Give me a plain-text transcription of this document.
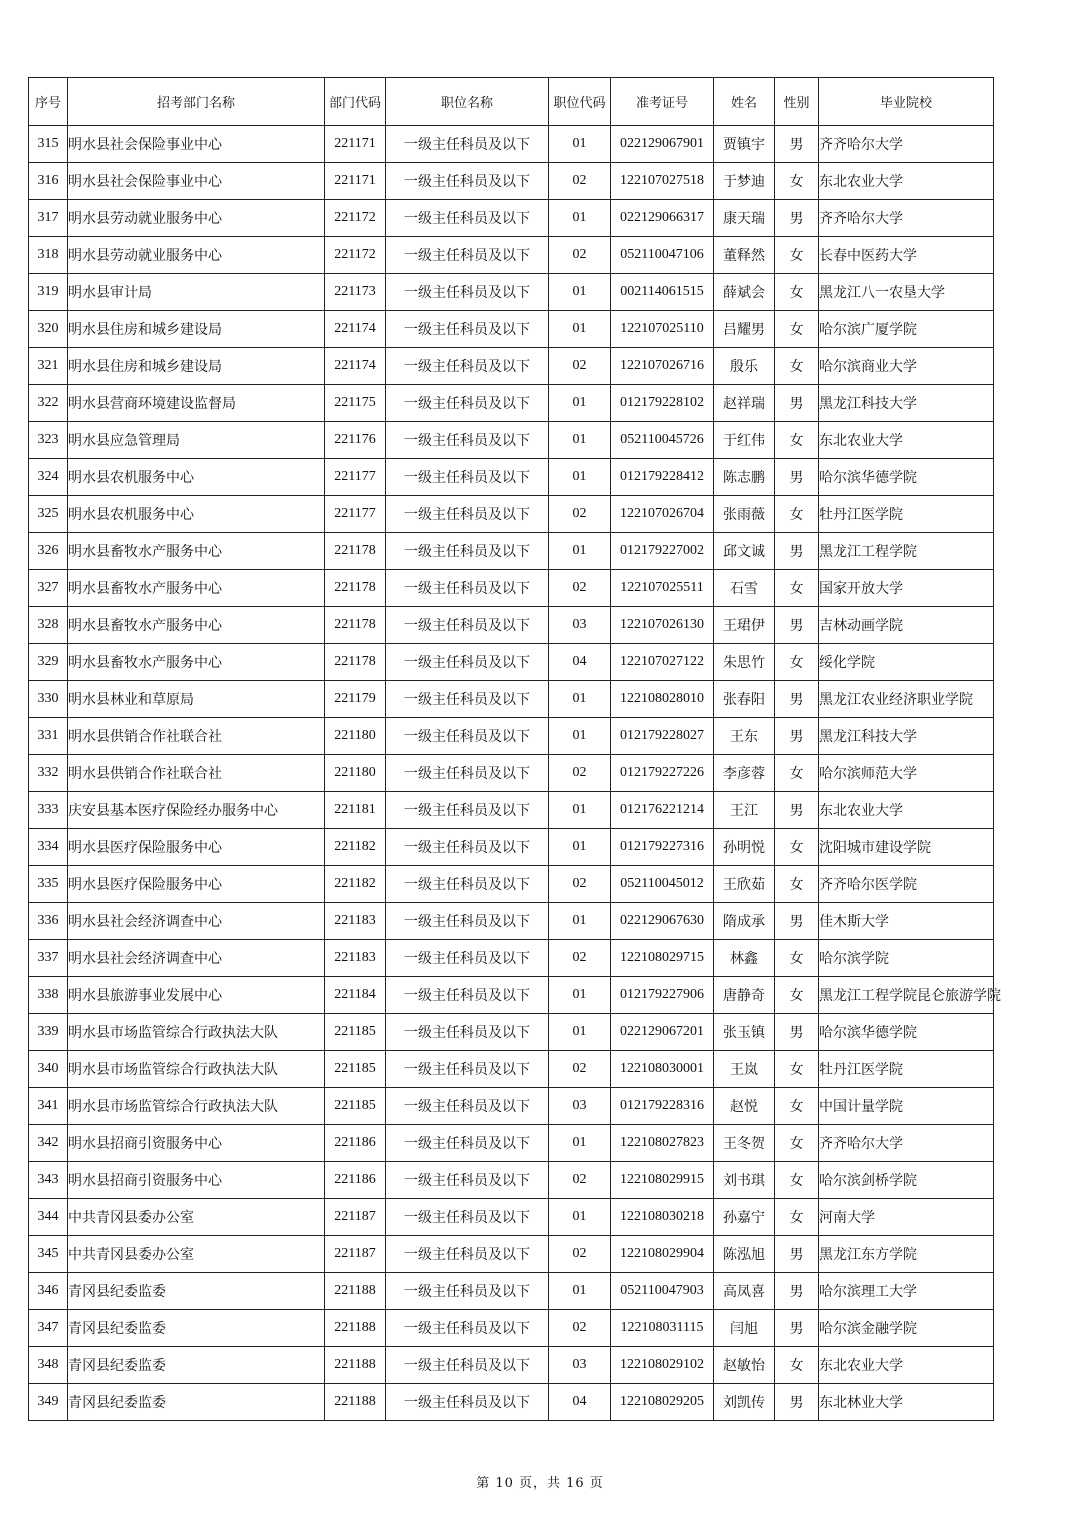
序号	招考部门名称	部门代码	职位名称	职位代码	准考证号	姓名	性别	毕业院校
315	明水县社会保险事业中心	221171	一级主任科员及以下	01	022129067901	贾镇宇	男	齐齐哈尔大学
316	明水县社会保险事业中心	221171	一级主任科员及以下	02	122107027518	于梦迪	女	东北农业大学
317	明水县劳动就业服务中心	221172	一级主任科员及以下	01	022129066317	康天瑞	男	齐齐哈尔大学
318	明水县劳动就业服务中心	221172	一级主任科员及以下	02	052110047106	董释然	女	长春中医药大学
319	明水县审计局	221173	一级主任科员及以下	01	002114061515	薛斌会	女	黑龙江八一农垦大学
320	明水县住房和城乡建设局	221174	一级主任科员及以下	01	122107025110	吕耀男	女	哈尔滨广厦学院
321	明水县住房和城乡建设局	221174	一级主任科员及以下	02	122107026716	殷乐	女	哈尔滨商业大学
322	明水县营商环境建设监督局	221175	一级主任科员及以下	01	012179228102	赵祥瑞	男	黑龙江科技大学
323	明水县应急管理局	221176	一级主任科员及以下	01	052110045726	于红伟	女	东北农业大学
324	明水县农机服务中心	221177	一级主任科员及以下	01	012179228412	陈志鹏	男	哈尔滨华德学院
325	明水县农机服务中心	221177	一级主任科员及以下	02	122107026704	张雨薇	女	牡丹江医学院
326	明水县畜牧水产服务中心	221178	一级主任科员及以下	01	012179227002	邱文诚	男	黑龙江工程学院
327	明水县畜牧水产服务中心	221178	一级主任科员及以下	02	122107025511	石雪	女	国家开放大学
328	明水县畜牧水产服务中心	221178	一级主任科员及以下	03	122107026130	王珺伊	男	吉林动画学院
329	明水县畜牧水产服务中心	221178	一级主任科员及以下	04	122107027122	朱思竹	女	绥化学院
330	明水县林业和草原局	221179	一级主任科员及以下	01	122108028010	张春阳	男	黑龙江农业经济职业学院
331	明水县供销合作社联合社	221180	一级主任科员及以下	01	012179228027	王东	男	黑龙江科技大学
332	明水县供销合作社联合社	221180	一级主任科员及以下	02	012179227226	李彦蓉	女	哈尔滨师范大学
333	庆安县基本医疗保险经办服务中心	221181	一级主任科员及以下	01	012176221214	王江	男	东北农业大学
334	明水县医疗保险服务中心	221182	一级主任科员及以下	01	012179227316	孙明悦	女	沈阳城市建设学院
335	明水县医疗保险服务中心	221182	一级主任科员及以下	02	052110045012	王欣茹	女	齐齐哈尔医学院
336	明水县社会经济调查中心	221183	一级主任科员及以下	01	022129067630	隋成承	男	佳木斯大学
337	明水县社会经济调查中心	221183	一级主任科员及以下	02	122108029715	林鑫	女	哈尔滨学院
338	明水县旅游事业发展中心	221184	一级主任科员及以下	01	012179227906	唐静奇	女	黑龙江工程学院昆仑旅游学院
339	明水县市场监管综合行政执法大队	221185	一级主任科员及以下	01	022129067201	张玉镇	男	哈尔滨华德学院
340	明水县市场监管综合行政执法大队	221185	一级主任科员及以下	02	122108030001	王岚	女	牡丹江医学院
341	明水县市场监管综合行政执法大队	221185	一级主任科员及以下	03	012179228316	赵悦	女	中国计量学院
342	明水县招商引资服务中心	221186	一级主任科员及以下	01	122108027823	王冬贺	女	齐齐哈尔大学
343	明水县招商引资服务中心	221186	一级主任科员及以下	02	122108029915	刘书琪	女	哈尔滨剑桥学院
344	中共青冈县委办公室	221187	一级主任科员及以下	01	122108030218	孙嘉宁	女	河南大学
345	中共青冈县委办公室	221187	一级主任科员及以下	02	122108029904	陈泓旭	男	黑龙江东方学院
346	青冈县纪委监委	221188	一级主任科员及以下	01	052110047903	高凤喜	男	哈尔滨理工大学
347	青冈县纪委监委	221188	一级主任科员及以下	02	122108031115	闫旭	男	哈尔滨金融学院
348	青冈县纪委监委	221188	一级主任科员及以下	03	122108029102	赵敏怡	女	东北农业大学
349	青冈县纪委监委	221188	一级主任科员及以下	04	122108029205	刘凯传	男	东北林业大学
第 10 页，共 16 页
